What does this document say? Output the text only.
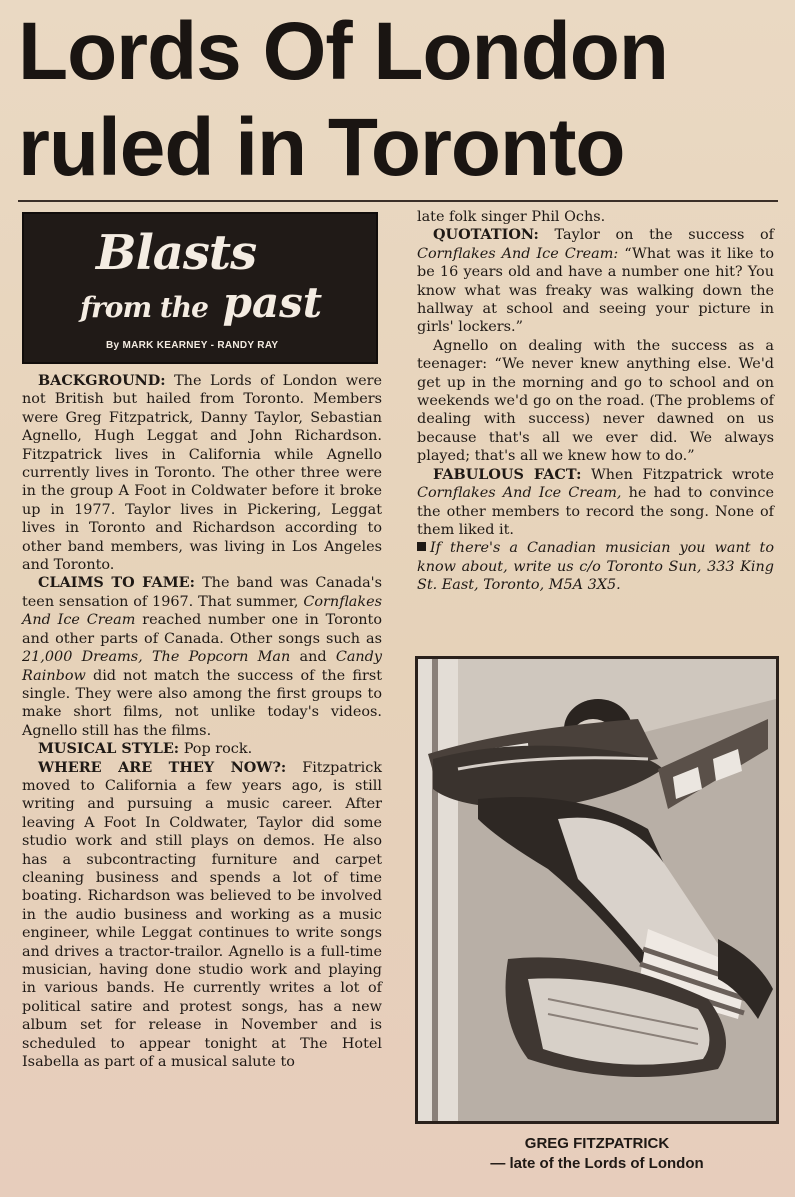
Lords Of London
ruled in Toronto
Blasts
from the past
By MARK KEARNEY - RANDY RAY

BACKGROUND: The Lords of London were not British but hailed from Toronto. Members were Greg Fitzpatrick, Danny Taylor, Sebastian Agnello, Hugh Leggat and John Richardson. Fitzpatrick lives in California while Agnello currently lives in Toronto. The other three were in the group A Foot in Coldwater before it broke up in 1977. Taylor lives in Pickering, Leggat lives in Toronto and Richardson according to other band members, was living in Los Angeles and Toronto.

CLAIMS TO FAME: The band was Canada's teen sensation of 1967. That summer, Cornflakes And Ice Cream reached number one in Toronto and other parts of Canada. Other songs such as 21,000 Dreams, The Popcorn Man and Candy Rainbow did not match the success of the first single. They were also among the first groups to make short films, not unlike today's videos. Agnello still has the films.

MUSICAL STYLE: Pop rock.

WHERE ARE THEY NOW?: Fitzpatrick moved to California a few years ago, is still writing and pursuing a music career. After leaving A Foot In Coldwater, Taylor did some studio work and still plays on demos. He also has a subcontracting furniture and carpet cleaning business and spends a lot of time boating. Richardson was believed to be involved in the audio business and working as a music engineer, while Leggat continues to write songs and drives a tractor-trailor. Agnello is a full-time musician, having done studio work and playing in various bands. He currently writes a lot of political satire and protest songs, has a new album set for release in November and is scheduled to appear tonight at The Hotel Isabella as part of a musical salute to

late folk singer Phil Ochs.

QUOTATION: Taylor on the success of Cornflakes And Ice Cream: “What was it like to be 16 years old and have a number one hit? You know what was freaky was walking down the hallway at school and seeing your picture in girls' lockers.”

Agnello on dealing with the success as a teenager: “We never knew anything else. We'd get up in the morning and go to school and on weekends we'd go on the road. (The problems of dealing with success) never dawned on us because that's all we ever did. We always played; that's all we knew how to do.”

FABULOUS FACT: When Fitzpatrick wrote Cornflakes And Ice Cream, he had to convince the other members to record the song. None of them liked it.

If there's a Canadian musician you want to know about, write us c/o Toronto Sun, 333 King St. East, Toronto, M5A 3X5.

GREG FITZPATRICK
— late of the Lords of London
